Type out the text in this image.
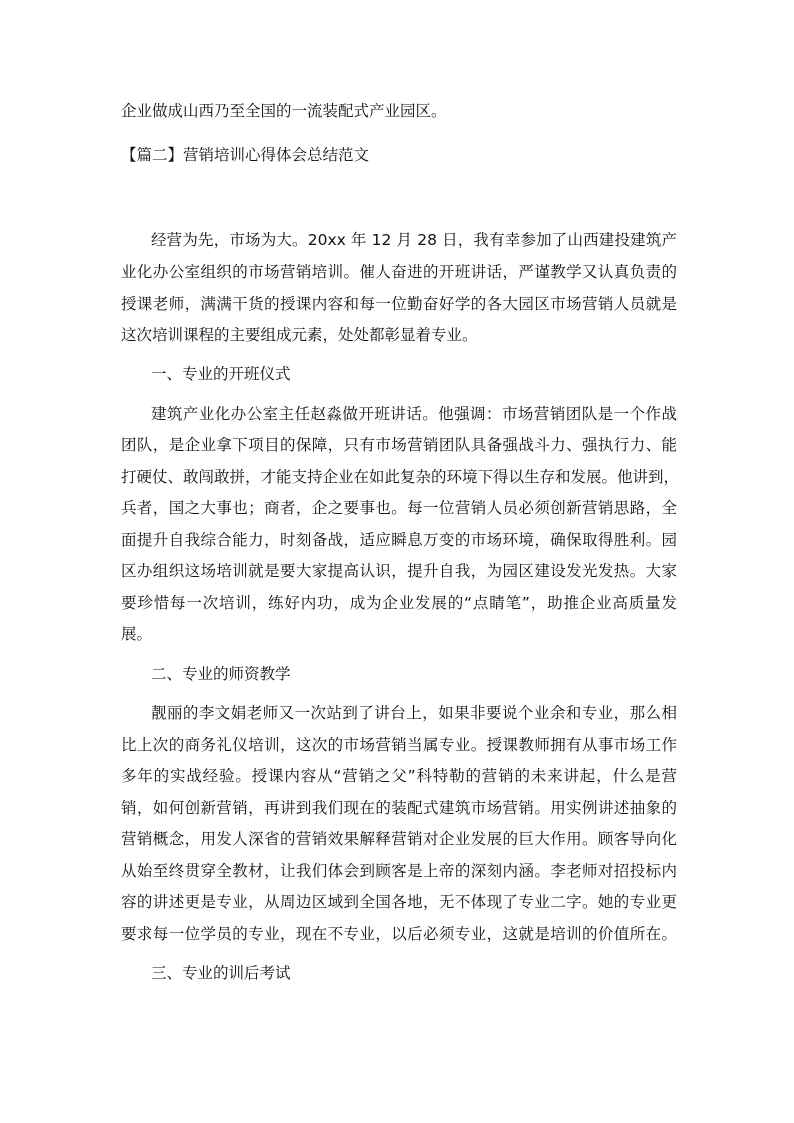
企业做成山西乃至全国的一流装配式产业园区。

【篇二】营销培训心得体会总结范文

经营为先，市场为大。20xx 年 12 月 28 日，我有幸参加了山西建投建筑产

业化办公室组织的市场营销培训。催人奋进的开班讲话，严谨教学又认真负责的

授课老师，满满干货的授课内容和每一位勤奋好学的各大园区市场营销人员就是

这次培训课程的主要组成元素，处处都彰显着专业。

一、专业的开班仪式

建筑产业化办公室主任赵淼做开班讲话。他强调：市场营销团队是一个作战

团队，是企业拿下项目的保障，只有市场营销团队具备强战斗力、强执行力、能

打硬仗、敢闯敢拼，才能支持企业在如此复杂的环境下得以生存和发展。他讲到，

兵者，国之大事也；商者，企之要事也。每一位营销人员必须创新营销思路，全

面提升自我综合能力，时刻备战，适应瞬息万变的市场环境，确保取得胜利。园

区办组织这场培训就是要大家提高认识，提升自我，为园区建设发光发热。大家

要珍惜每一次培训，练好内功，成为企业发展的“点睛笔”，助推企业高质量发

展。

二、专业的师资教学

靓丽的李文娟老师又一次站到了讲台上，如果非要说个业余和专业，那么相

比上次的商务礼仪培训，这次的市场营销当属专业。授课教师拥有从事市场工作

多年的实战经验。授课内容从“营销之父”科特勒的营销的未来讲起，什么是营

销，如何创新营销，再讲到我们现在的装配式建筑市场营销。用实例讲述抽象的

营销概念，用发人深省的营销效果解释营销对企业发展的巨大作用。顾客导向化

从始至终贯穿全教材，让我们体会到顾客是上帝的深刻内涵。李老师对招投标内

容的讲述更是专业，从周边区域到全国各地，无不体现了专业二字。她的专业更

要求每一位学员的专业，现在不专业，以后必须专业，这就是培训的价值所在。

三、专业的训后考试
